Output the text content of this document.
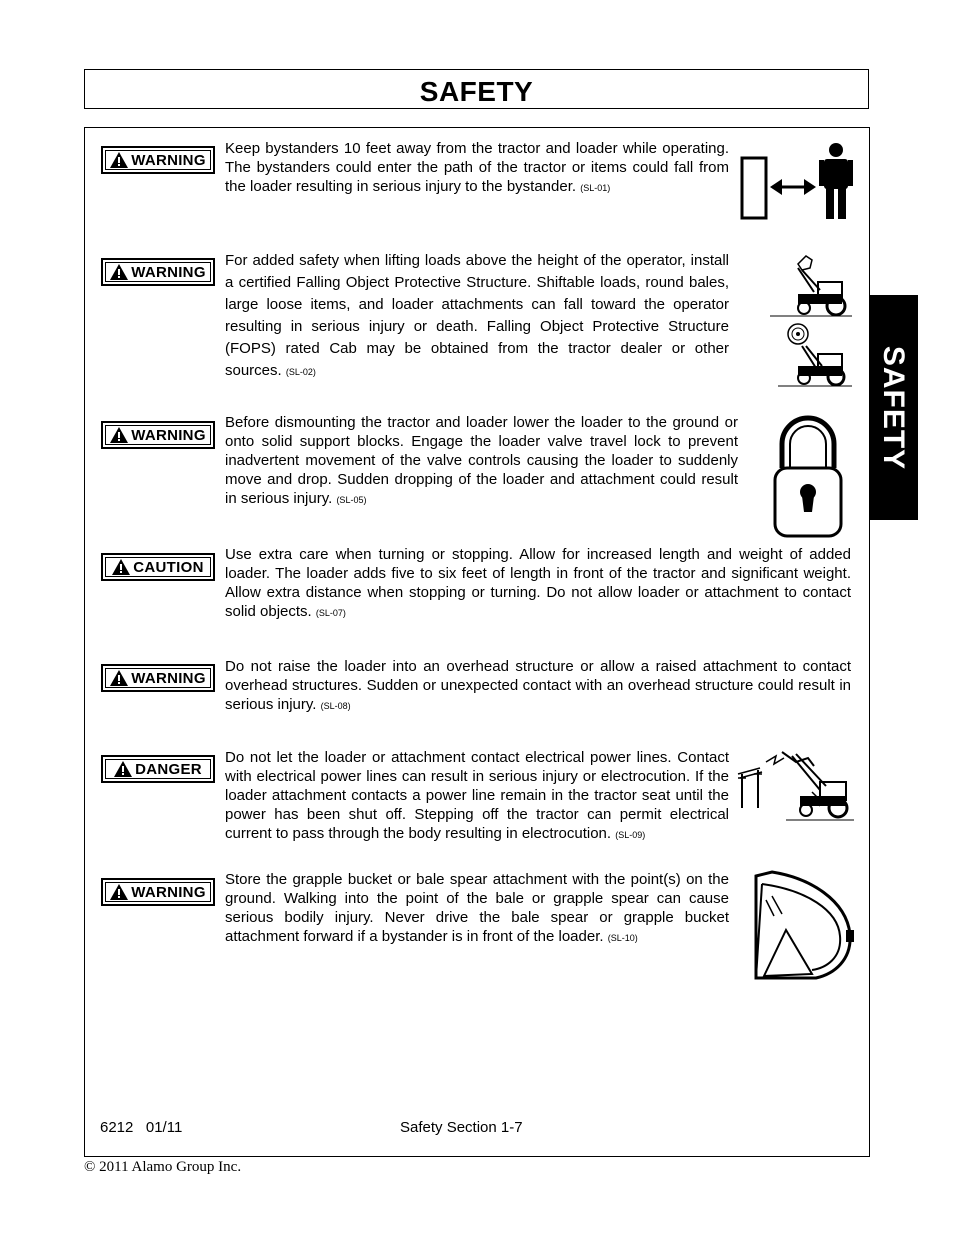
SAFETY
SAFETY
WARNING
Keep bystanders 10 feet away from the tractor and loader while operating. The bystanders could enter the path of the tractor or items could fall from the loader resulting in serious injury to the bystander. (SL-01)
WARNING
For added safety when lifting loads above the height of the operator, install a certified Falling Object Protective Structure. Shiftable loads, round bales, large loose items, and loader attachments can fall toward the operator resulting in serious injury or death. Falling Object Protective Structure (FOPS) rated Cab may be obtained from the tractor dealer or other sources. (SL-02)
WARNING
Before dismounting the tractor and loader lower the loader to the ground or onto solid support blocks. Engage the loader valve travel lock to prevent inadvertent movement of the valve controls causing the loader to suddenly move and drop. Sudden dropping of the loader and attachment could result in serious injury. (SL-05)
CAUTION
Use extra care when turning or stopping. Allow for increased length and weight of added loader. The loader adds five to six feet of length in front of the tractor and significant weight. Allow extra distance when stopping or turning. Do not allow loader or attachment to contact solid objects. (SL-07)
WARNING
Do not raise the loader into an overhead structure or allow a raised attachment to contact overhead structures. Sudden or unexpected contact with an overhead structure could result in serious injury. (SL-08)
DANGER
Do not let the loader or attachment contact electrical power lines. Contact with electrical power lines can result in serious injury or electrocution. If the loader attachment contacts a power line remain in the tractor seat until the power has been shut off. Stepping off the tractor can permit electrical current to pass through the body resulting in electrocution. (SL-09)
WARNING
Store the grapple bucket or bale spear attachment with the point(s) on the ground. Walking into the point of the bale or grapple spear can cause serious bodily injury. Never drive the bale spear or grapple bucket attachment forward if a bystander is in front of the loader. (SL-10)
6212   01/11	Safety Section 1-7
© 2011 Alamo Group Inc.
